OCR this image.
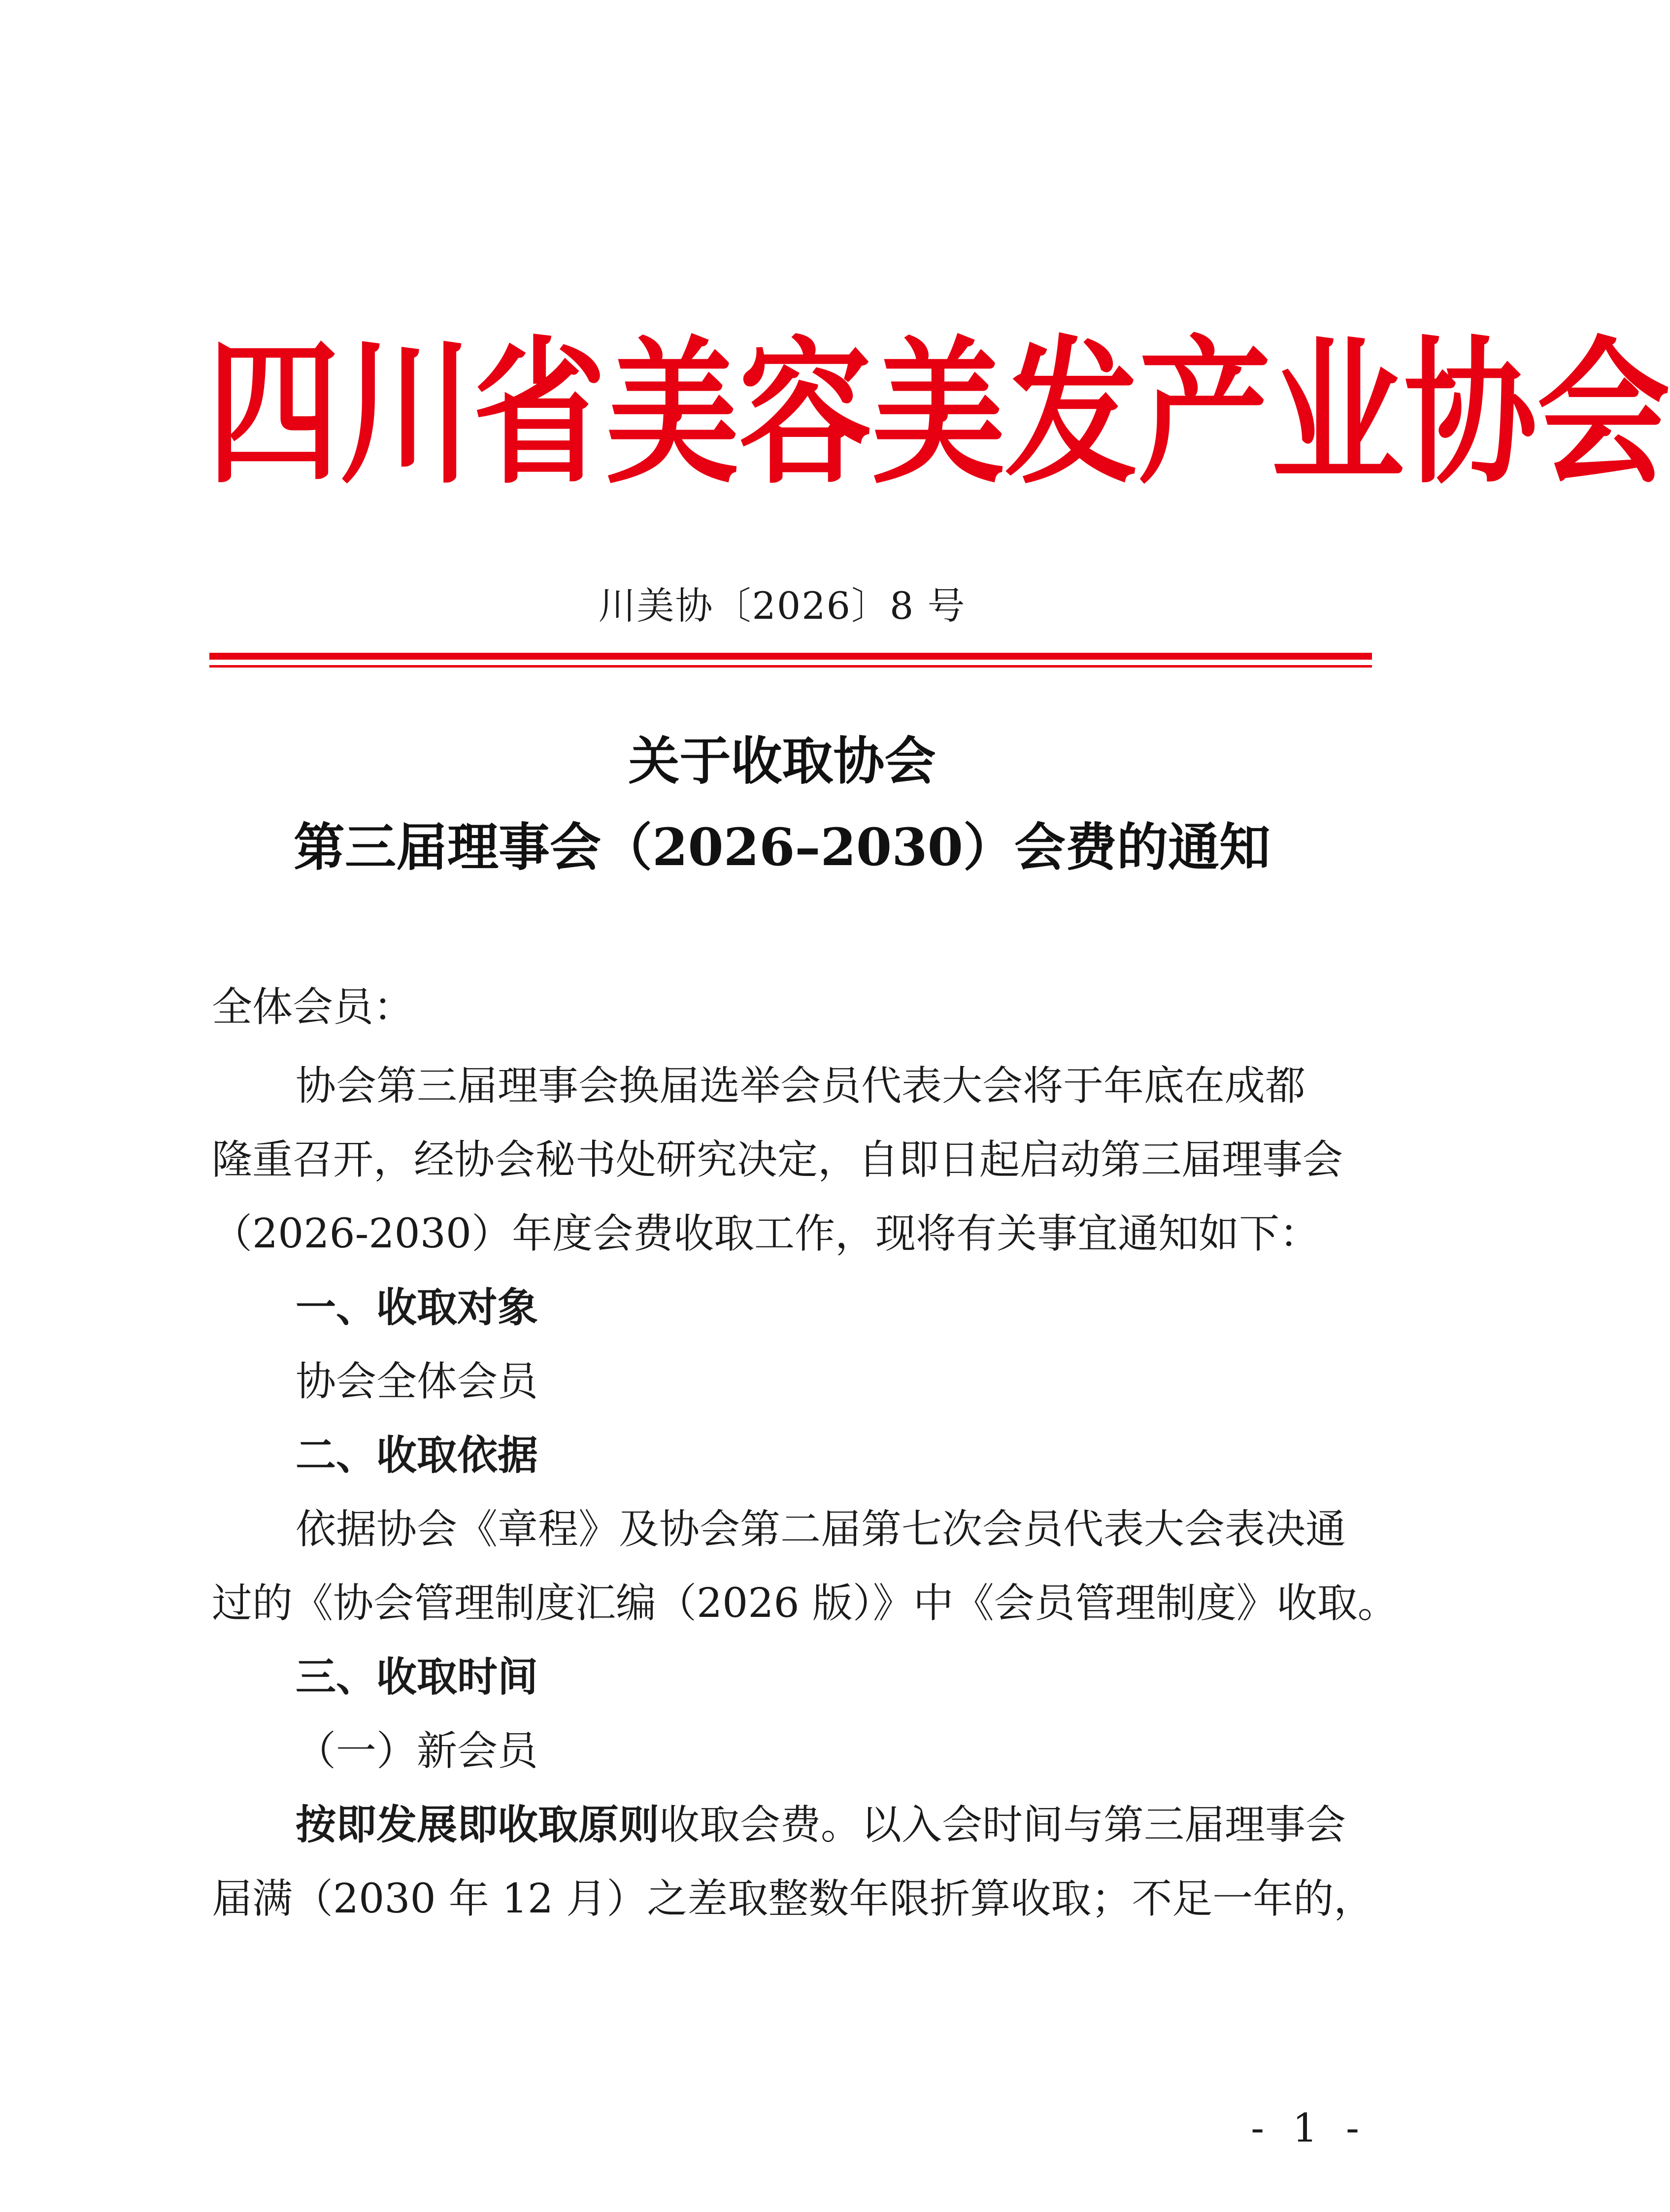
四 川 省 美 容 美 发 产 业 协 会
川美协〔2026〕8 号
关于收取协会
第三届理事会（2026–2030）会费的通知
全体会员：
协会第三届理事会换届选举会员代表大会将于年底在成都
隆重召开，经协会秘书处研究决定，自即日起启动第三届理事会
（2026-2030）年度会费收取工作，现将有关事宜通知如下：
一、收取对象
协会全体会员
二、收取依据
依据协会《章程》及协会第二届第七次会员代表大会表决通
过的《协会管理制度汇编（2026 版）》中《会员管理制度》收取。
三、收取时间
（一）新会员
按即发展即收取原则收取会费。以入会时间与第三届理事会
届满（2030 年 12 月）之差取整数年限折算收取；不足一年的，
- 1 -
